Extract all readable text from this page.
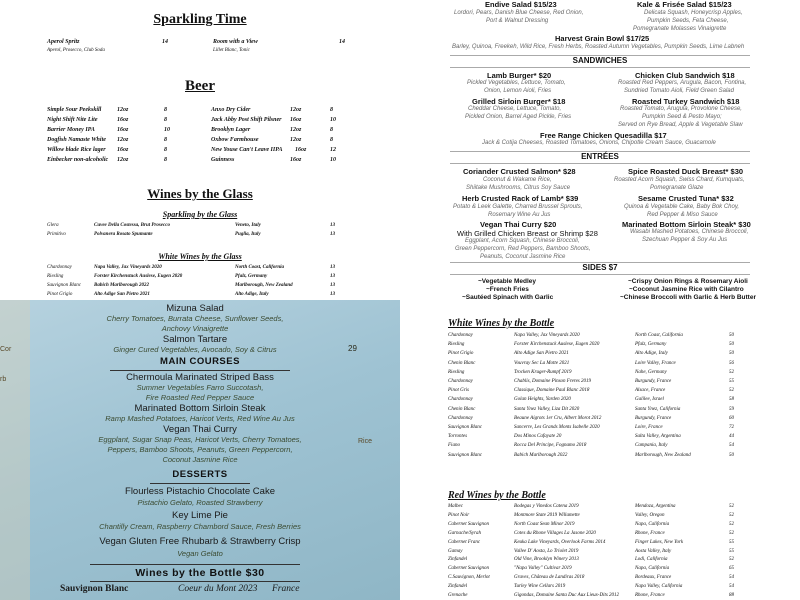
Sparkling Time
Aperol Spritz	14
Aperol, Prosecco, Club Soda
Room with a View	14
Lillet Blanc, Tonic
Beer
Simple Sour Peekskill	12oz	8
Night Shift Nite Lite	16oz	8
Barrier Money IPA	16oz	10
Dogfish Namaste White 12oz	8
Willow blade Rice lager 16oz	8
Einbecker non-alcoholic 12oz	8
Anxo Dry Cider	12oz	8
Jack Abby Post Shift Pilsner 16oz	10
Brooklyn Lager	12oz	8
Oxbow Farmhouse	12oz	8
New Youse Can't Leave IIPA 16oz	12
Guinness	16oz	10
Wines by the Glass
Sparkling by the Glass
Glera	Cuvee Della Costessa, Brut Prosecco	Veneto, Italy	13
Primitivo	Polvanera Rosato Spumante	Puglia, Italy	13
White Wines by the Glass
Chardonnay	Napa Valley, Jax Vineyards 2020	North Coast, California	13
Riesling	Forster Kirchenstuck Auslese, Eugen 2020	Pfalz, Germany	13
Sauvignon Blanc	Babich Marlborough 2022	Marlborough, New Zealand	13
Pinot Grigio	Alto Adige San Pietro 2021	Alto Adige, Italy	13
Endive Salad $15/23
Lordori, Pears, Danish Blue Cheese, Red Onion,
Port & Walnut Dressing
Kale & Frisée Salad $15/23
Delicata Squash, Honeycrisp Apples,
Pumpkin Seeds, Feta Cheese,
Pomegranate Molasses Vinaigrette
Harvest Grain Bowl $17/25
Barley, Quinoa, Freekeh, Wild Rice, Fresh Herbs, Roasted Autumn Vegetables, Pumpkin Seeds, Lime Labneh
SANDWICHES
Lamb Burger* $20
Pickled Vegetables, Lettuce, Tomato,
Onion, Lemon Aioli, Fries
Chicken Club Sandwich $18
Roasted Red Peppers, Arugula, Bacon, Fontina,
Sundried Tomato Aioli, Field Green Salad
Grilled Sirloin Burger* $18
Cheddar Cheese, Lettuce, Tomato,
Pickled Onion, Barrel Aged Pickle, Fries
Roasted Turkey Sandwich $18
Roasted Tomato, Arugula, Provolone Cheese,
Pumpkin Seed & Pesto Mayo;
Served on Rye Bread, Apple & Vegetable Slaw
Free Range Chicken Quesadilla $17
Jack & Cotija Cheeses, Roasted Tomatoes, Onions, Chipotle Cream Sauce, Guacamole
ENTRÉES
Coriander Crusted Salmon* $28
Coconut & Wakame Rice,
Shiitake Mushrooms, Citrus Soy Sauce
Spice Roasted Duck Breast* $30
Roasted Acorn Squash, Swiss Chard, Kumquats,
Pomegranate Glaze
Herb Crusted Rack of Lamb* $39
Potato & Leek Galette, Charred Brussel Sprouts,
Rosemary Wine Au Jus
Sesame Crusted Tuna* $32
Quinoa & Vegetable Cake, Baby Bok Choy,
Red Pepper & Miso Sauce
Vegan Thai Curry $20
With Grilled Chicken Breast or Shrimp $28
Eggplant, Acorn Squash, Chinese Broccoli,
Green Peppercorn, Red Peppers, Bamboo Shoots,
Peanuts, Coconut Jasmine Rice
Marinated Bottom Sirloin Steak* $30
Wasabi Mashed Potatoes, Chinese Broccoli,
Szechuan Pepper & Soy Au Jus
SIDES $7
~Vegetable Medley
~French Fries
~Sautéed Spinach with Garlic
~Crispy Onion Rings & Rosemary Aioli
~Coconut Jasmine Rice with Cilantro
~Chinese Broccoli with Garlic & Herb Butter
Cor
rb
Rice
29
Mizuna Salad
Cherry Tomatoes, Burrata Cheese, Sunflower Seeds,
Anchovy Vinaigrette
Salmon Tartare
Ginger Cured Vegetables, Avocado, Soy & Citrus
MAIN COURSES
Chermoula Marinated Striped Bass
Summer Vegetables Farro Succotash,
Fire Roasted Red Pepper Sauce
Marinated Bottom Sirloin Steak
Ramp Mashed Potatoes, Haricot Verts, Red Wine Au Jus
Vegan Thai Curry
Eggplant, Sugar Snap Peas, Haricot Verts, Cherry Tomatoes,
Peppers, Bamboo Shoots, Peanuts, Green Peppercorn,
Coconut Jasmine Rice
DESSERTS
Flourless Pistachio Chocolate Cake
Pistachio Gelato, Roasted Strawberry
Key Lime Pie
Chantilly Cream, Raspberry Chambord Sauce, Fresh Berries
Vegan Gluten Free Rhubarb & Strawberry Crisp
Vegan Gelato
Wines by the Bottle $30
Sauvignon Blanc	Coeur du Mont 2023 France
White Wines by the Bottle
Chardonnay	Napa Valley, Jax Vineyards 2020	North Coast, California	50
Riesling	Forster Kirchenstuck Auslese, Eugen 2020	Pfalz, Germany	50
Pinot Grigio	Alto Adige San Pietro 2021	Alto Adige, Italy	50
Chenin Blanc	Vouvray Sec La Motte 2021	Loire Valley, France	56
Riesling	Trocken Kruger-Rumpf 2019	Nahe, Germany	52
Chardonnay	Chablis, Domaine Pinson Freres 2019	Burgundy, France	55
Pinot Gris	Classique, Domaine Paul Blanc 2018	Alsace, France	52
Chardonnay	Golan Heights, Yarden 2020	Galilee, Israel	58
Chenin Blanc	Santa Ynez Valley, Liza Dit 2020	Santa Ynez, California	59
Chardonnay	Beaune Aigrots 1er Cru, Albert Morot 2012	Burgundy, France	60
Sauvignon Blanc	Sancerre, Les Grands Monts Isabelle 2020	Loire, France	72
Torrontes	Dos Minos Cafayate 20	Salta Valley, Argentina	44
Fiano	Rocca Del Principe, Fognamo 2018	Campania, Italy	54
Sauvignon Blanc	Babich Marlborough 2022	Marlborough, New Zealand	50
Red Wines by the Bottle
Malbec	Bodegas y Vinedos Catena 2019	Mendoza, Argentina	52
Pinot Noir	Montmore State 2019 Willamette	Valley, Oregon	52
Cabernet Sauvignon	North Coast Sean Minor 2019	Napa, California	52
Garnache/Syrah	Cotes du Rhone Villages La Jasone 2020	Rhone, France	52
Cabernet Franc	Keuka Lake Vineyards, Overlook Farms 2014	Finger Lakes, New York	55
Gamay	Vallee D' Aosta, Lo Triolet 2019	Aosta Valley, Italy	55
Zinfandel	Old Vine, Brooklyn Winery 2013	Lodi, California	52
Cabernet Sauvignon	"Napa Valley" Cultivar 2019	Napa, California	65
C.Sauvignon, Merlot	Graves, Château de Landiras 2018	Bordeaux, France	54
Zinfandel	Turley Wine Cellars 2019	Napa Valley, California	54
Grenache	Gigondas, Domaine Santa Duc Aux Lieux-Dits 2012	Rhone, France	88
